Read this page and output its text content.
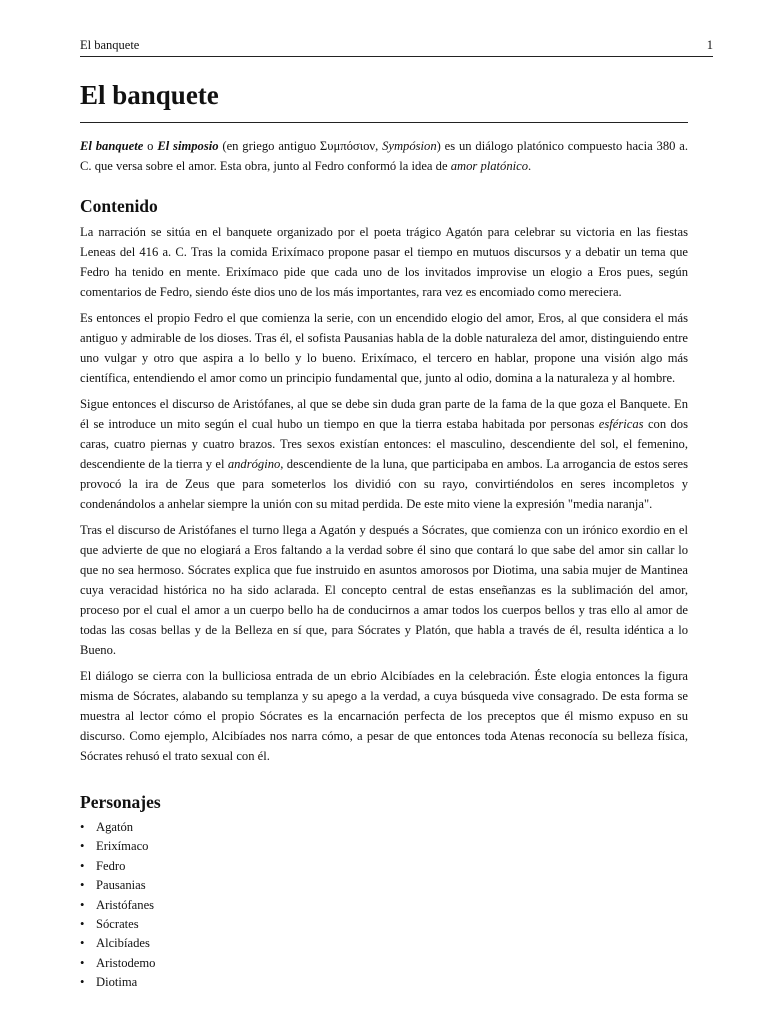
El banquete	1
El banquete

El banquete o El simposio (en griego antiguo Συμπόσιον, Sympósion) es un diálogo platónico compuesto hacia 380 a. C. que versa sobre el amor. Esta obra, junto al Fedro conformó la idea de amor platónico.

Contenido

La narración se sitúa en el banquete organizado por el poeta trágico Agatón para celebrar su victoria en las fiestas Leneas del 416 a. C. Tras la comida Erixímaco propone pasar el tiempo en mutuos discursos y a debatir un tema que Fedro ha tenido en mente. Erixímaco pide que cada uno de los invitados improvise un elogio a Eros pues, según comentarios de Fedro, siendo éste dios uno de los más importantes, rara vez es encomiado como mereciera.

Es entonces el propio Fedro el que comienza la serie, con un encendido elogio del amor, Eros, al que considera el más antiguo y admirable de los dioses. Tras él, el sofista Pausanias habla de la doble naturaleza del amor, distinguiendo entre uno vulgar y otro que aspira a lo bello y lo bueno. Erixímaco, el tercero en hablar, propone una visión algo más científica, entendiendo el amor como un principio fundamental que, junto al odio, domina a la naturaleza y al hombre.

Sigue entonces el discurso de Aristófanes, al que se debe sin duda gran parte de la fama de la que goza el Banquete. En él se introduce un mito según el cual hubo un tiempo en que la tierra estaba habitada por personas esféricas con dos caras, cuatro piernas y cuatro brazos. Tres sexos existían entonces: el masculino, descendiente del sol, el femenino, descendiente de la tierra y el andrógino, descendiente de la luna, que participaba en ambos. La arrogancia de estos seres provocó la ira de Zeus que para someterlos los dividió con su rayo, convirtiéndolos en seres incompletos y condenándolos a anhelar siempre la unión con su mitad perdida. De este mito viene la expresión "media naranja".

Tras el discurso de Aristófanes el turno llega a Agatón y después a Sócrates, que comienza con un irónico exordio en el que advierte de que no elogiará a Eros faltando a la verdad sobre él sino que contará lo que sabe del amor sin callar lo que no sea hermoso. Sócrates explica que fue instruido en asuntos amorosos por Diotima, una sabia mujer de Mantinea cuya veracidad histórica no ha sido aclarada. El concepto central de estas enseñanzas es la sublimación del amor, proceso por el cual el amor a un cuerpo bello ha de conducirnos a amar todos los cuerpos bellos y tras ello al amor de todas las cosas bellas y de la Belleza en sí que, para Sócrates y Platón, que habla a través de él, resulta idéntica a lo Bueno.

El diálogo se cierra con la bulliciosa entrada de un ebrio Alcibíades en la celebración. Éste elogia entonces la figura misma de Sócrates, alabando su templanza y su apego a la verdad, a cuya búsqueda vive consagrado. De esta forma se muestra al lector cómo el propio Sócrates es la encarnación perfecta de los preceptos que él mismo expuso en su discurso. Como ejemplo, Alcibíades nos narra cómo, a pesar de que entonces toda Atenas reconocía su belleza física, Sócrates rehusó el trato sexual con él.

Personajes
• Agatón
• Erixímaco
• Fedro
• Pausanias
• Aristófanes
• Sócrates
• Alcibíades
• Aristodemo
• Diotima
